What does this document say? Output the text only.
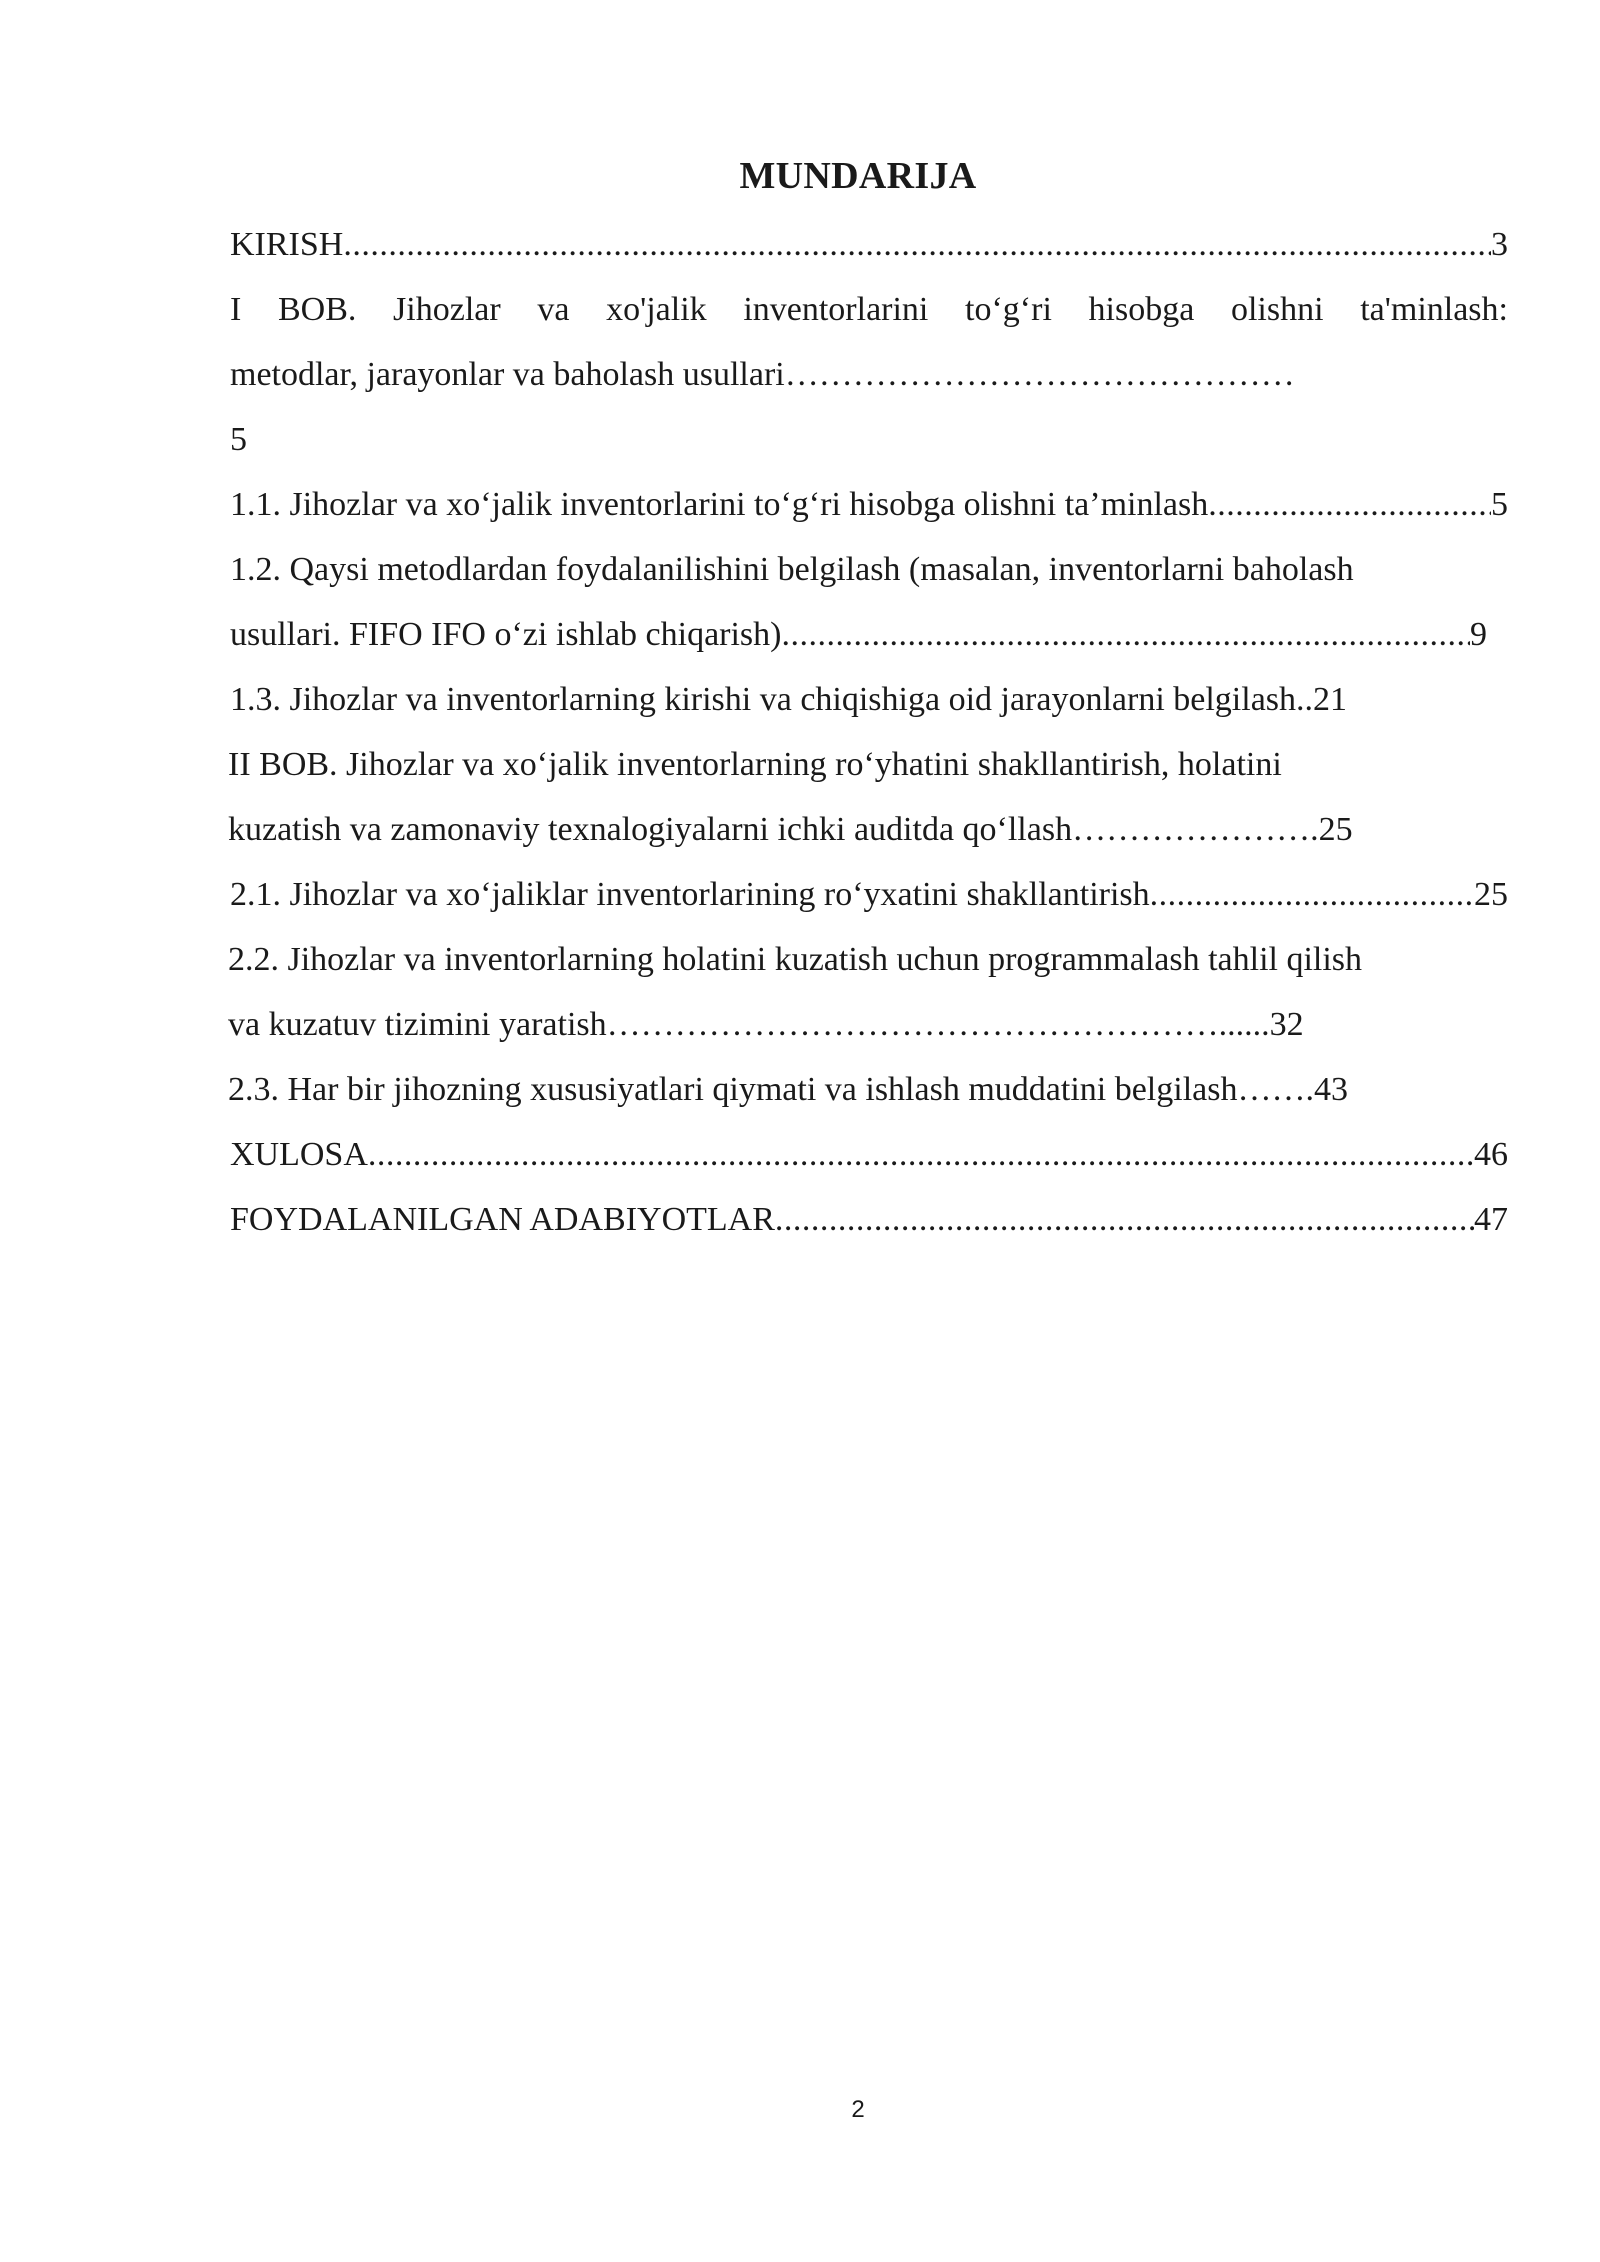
MUNDARIJA
KIRISH .....	3
I BOB. Jihozlar va xo'jalik inventorlarini to‘g‘ri hisobga olishni ta'minlash:
metodlar, jarayonlar va baholash usullari………………………………………
5
1.1. Jihozlar va xo‘jalik inventorlarini to‘g‘ri hisobga olishni ta’minlash .....	5
1.2. Qaysi metodlardan foydalanilishini belgilash (masalan, inventorlarni baholash
usullari. FIFO IFO o‘zi ishlab chiqarish) .....	9
1.3. Jihozlar va inventorlarning kirishi va chiqishiga oid jarayonlarni belgilash..21
II BOB. Jihozlar va xoʻjalik inventorlarning roʻyhatini shakllantirish, holatini
kuzatish va zamonaviy texnalogiyalarni ichki auditda qoʻllash………………….25
2.1. Jihozlar va xo‘jaliklar inventorlarining ro‘yxatini shakllantirish .....	25
2.2. Jihozlar va inventorlarning holatini kuzatish uchun programmalash tahlil qilish
va kuzatuv tizimini yaratish………………………………………………......32
2.3. Har bir jihozning xususiyatlari qiymati va ishlash muddatini belgilash…….43
XULOSA .....	46
FOYDALANILGAN ADABIYOTLAR .....	47
2
